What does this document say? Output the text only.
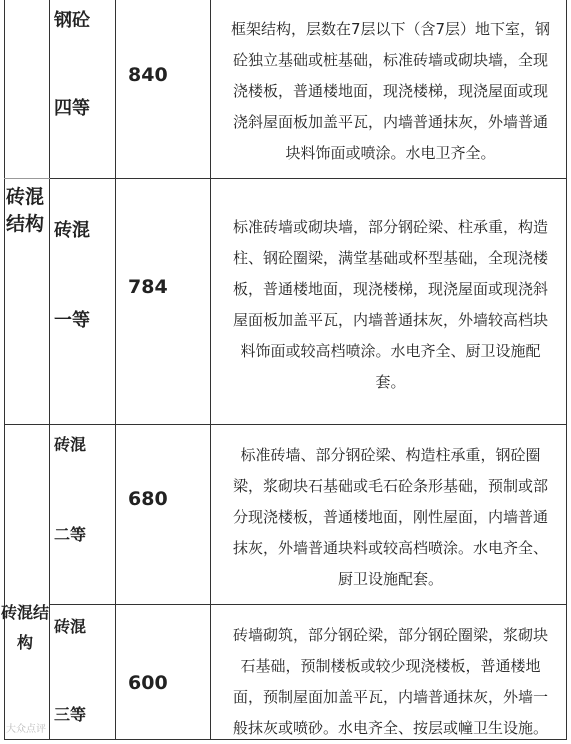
钢砼
四等
840
框架结构，层数在7层以下（含7层）地下室，钢
砼独立基础或桩基础，标准砖墙或砌块墙，全现
浇楼板，普通楼地面，现浇楼梯，现浇屋面或现
浇斜屋面板加盖平瓦，内墙普通抹灰，外墙普通
块料饰面或喷涂。水电卫齐全。
砖混结构 砖混
一等
784
标准砖墙或砌块墙，部分钢砼梁、柱承重，构造
柱、钢砼圈梁，满堂基础或杯型基础，全现浇楼
板，普通楼地面，现浇楼梯，现浇屋面或现浇斜
屋面板加盖平瓦，内墙普通抹灰，外墙较高档块
料饰面或较高档喷涂。水电齐全、厨卫设施配
套。
砖混
二等
680
标准砖墙、部分钢砼梁、构造柱承重，钢砼圈
梁，浆砌块石基础或毛石砼条形基础，预制或部
分现浇楼板，普通楼地面，刚性屋面，内墙普通
抹灰，外墙普通块料或较高档喷涂。水电齐全、
厨卫设施配套。
砖混结构
砖混
三等
600
砖墙砌筑，部分钢砼梁，部分钢砼圈梁，浆砌块
石基础，预制楼板或较少现浇楼板，普通楼地
面，预制屋面加盖平瓦，内墙普通抹灰，外墙一
般抹灰或喷砂。水电齐全、按层或幢卫生设施。
大众点评
